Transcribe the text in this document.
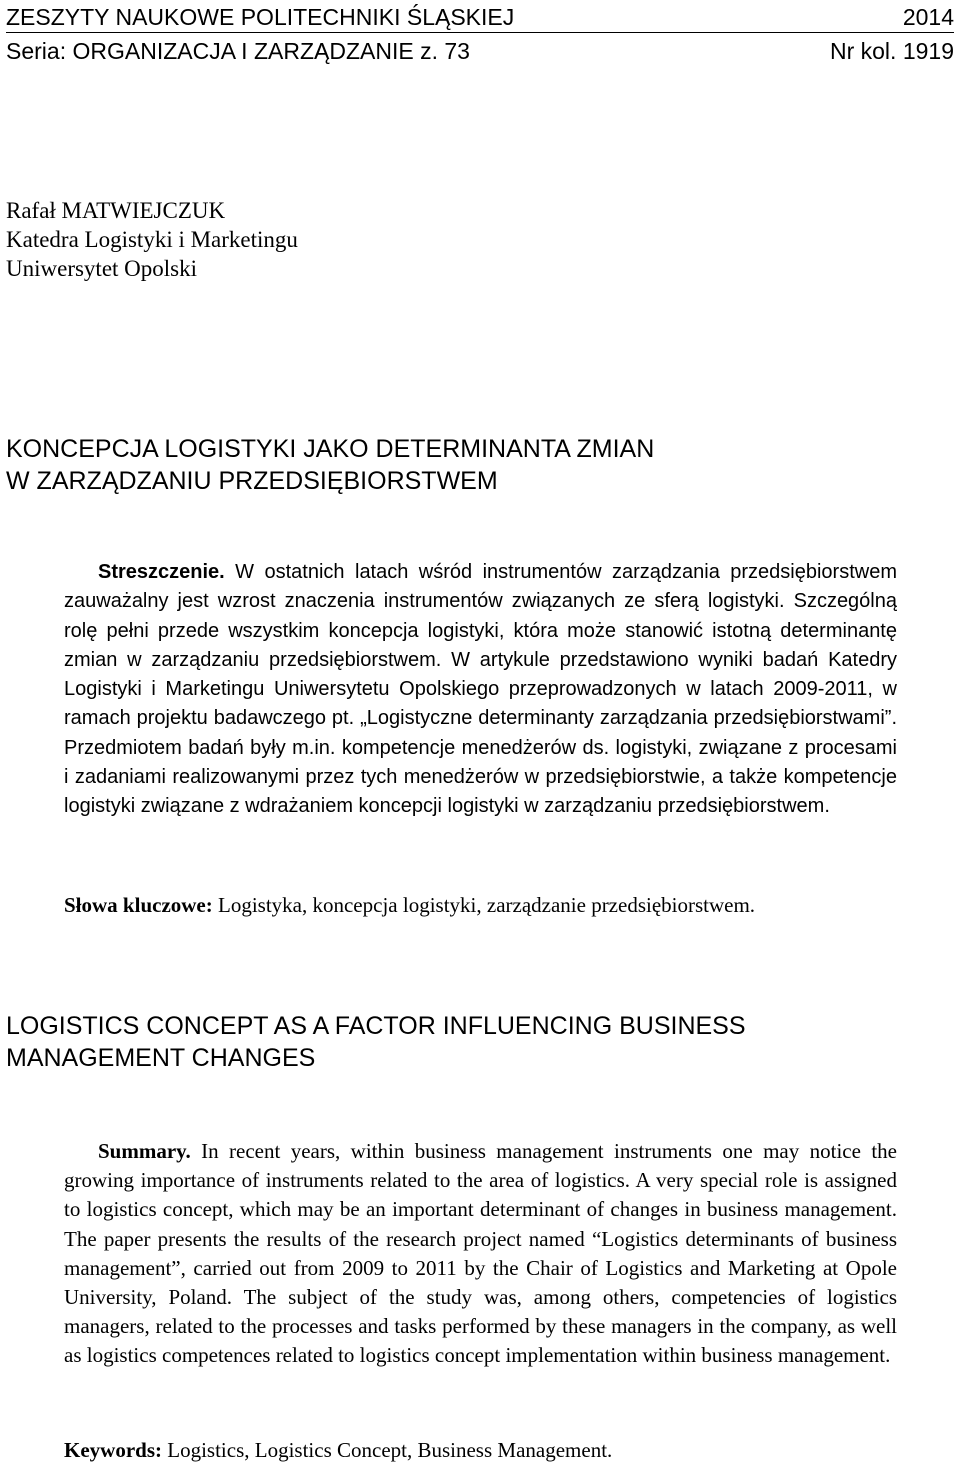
ZESZYTY NAUKOWE POLITECHNIKI ŚLĄSKIEJ	2014
Seria: ORGANIZACJA I ZARZĄDZANIE z. 73	Nr kol. 1919
Rafał MATWIEJCZUK
Katedra Logistyki i Marketingu
Uniwersytet Opolski
KONCEPCJA LOGISTYKI JAKO DETERMINANTA ZMIAN
W ZARZĄDZANIU PRZEDSIĘBIORSTWEM

Streszczenie. W ostatnich latach wśród instrumentów zarządzania przedsiębiorstwem zauważalny jest wzrost znaczenia instrumentów związanych ze sferą logistyki. Szczególną rolę pełni przede wszystkim koncepcja logistyki, która może stanowić istotną determinantę zmian w zarządzaniu przedsiębiorstwem. W artykule przedstawiono wyniki badań Katedry Logistyki i Marketingu Uniwersytetu Opolskiego przeprowadzonych w latach 2009-2011, w ramach projektu badawczego pt. „Logistyczne determinanty zarządzania przedsiębiorstwami”. Przedmiotem badań były m.in. kompetencje menedżerów ds. logistyki, związane z procesami i zadaniami realizowanymi przez tych menedżerów w przedsiębiorstwie, a także kompetencje logistyki związane z wdrażaniem koncepcji logistyki w zarządzaniu przedsiębiorstwem.

Słowa kluczowe: Logistyka, koncepcja logistyki, zarządzanie przedsiębiorstwem.
LOGISTICS CONCEPT AS A FACTOR INFLUENCING BUSINESS
MANAGEMENT CHANGES

Summary. In recent years, within business management instruments one may notice the growing importance of instruments related to the area of logistics. A very special role is assigned to logistics concept, which may be an important determinant of changes in business management. The paper presents the results of the research project named “Logistics determinants of business management”, carried out from 2009 to 2011 by the Chair of Logistics and Marketing at Opole University, Poland. The subject of the study was, among others, competencies of logistics managers, related to the processes and tasks performed by these managers in the company, as well as logistics competences related to logistics concept implementation within business management.

Keywords: Logistics, Logistics Concept, Business Management.
